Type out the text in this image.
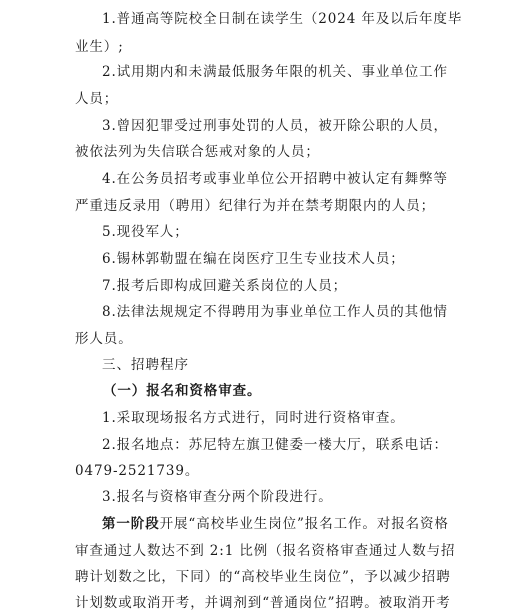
1.普通高等院校全日制在读学生（2024 年及以后年度毕
业生）;
2.试用期内和未满最低服务年限的机关、事业单位工作
人员；
3.曾因犯罪受过刑事处罚的人员，被开除公职的人员，
被依法列为失信联合惩戒对象的人员；
4.在公务员招考或事业单位公开招聘中被认定有舞弊等
严重违反录用（聘用）纪律行为并在禁考期限内的人员；
5.现役军人；
6.锡林郭勒盟在编在岗医疗卫生专业技术人员；
7.报考后即构成回避关系岗位的人员；
8.法律法规规定不得聘用为事业单位工作人员的其他情
形人员。
三、招聘程序
（一）报名和资格审查。
1.采取现场报名方式进行，同时进行资格审查。
2.报名地点：苏尼特左旗卫健委一楼大厅，联系电话：
0479-2521739。
3.报名与资格审查分两个阶段进行。
第一阶段开展“高校毕业生岗位”报名工作。对报名资格
审查通过人数达不到 2:1 比例（报名资格审查通过人数与招
聘计划数之比，下同）的“高校毕业生岗位”，予以减少招聘
计划数或取消开考，并调剂到“普通岗位”招聘。被取消开考
